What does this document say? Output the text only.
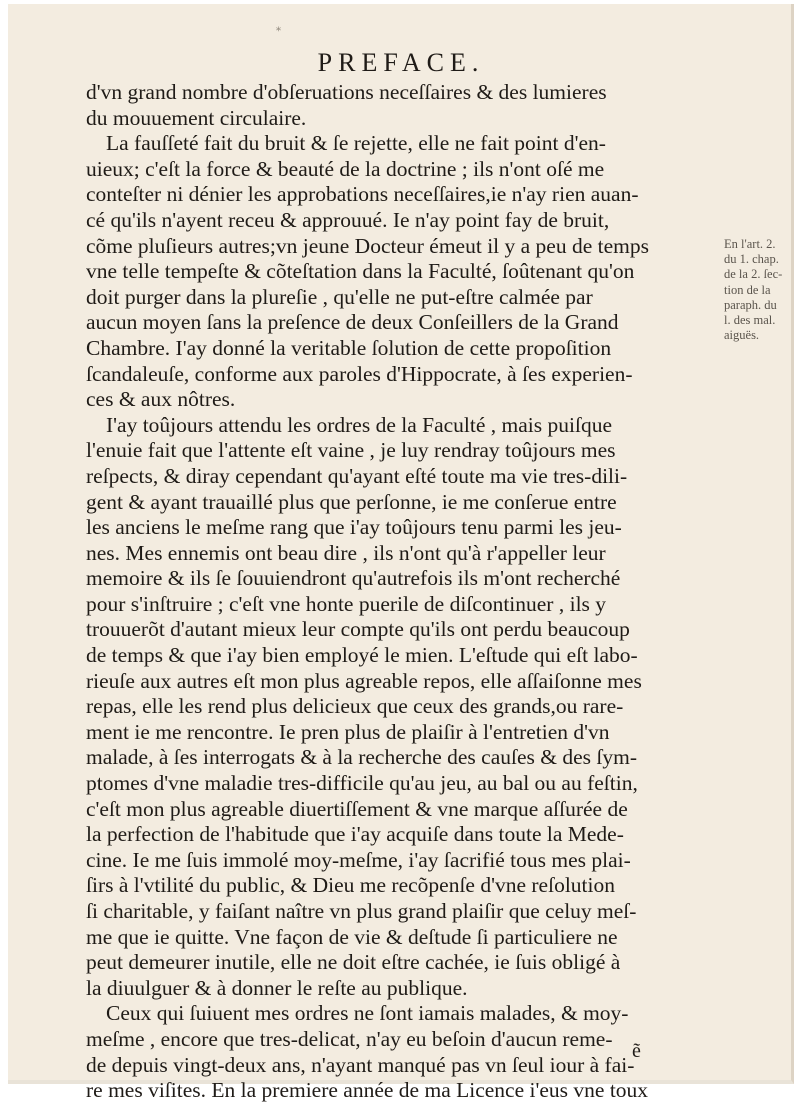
*
PREFACE.
d'vn grand nombre d'obſeruations neceſſaires & des lumieres
du mouuement circulaire.
La fauſſeté fait du bruit & ſe rejette, elle ne fait point d'en-
uieux; c'eſt la force & beauté de la doctrine ; ils n'ont oſé me
conteſter ni dénier les approbations neceſſaires,ie n'ay rien auan-
cé qu'ils n'ayent receu & approuué. Ie n'ay point fay de bruit,
cõme pluſieurs autres;vn jeune Docteur émeut il y a peu de temps
vne telle tempeſte & cõteſtation dans la Faculté, ſoûtenant qu'on
doit purger dans la plureſie , qu'elle ne put-eſtre calmée par
aucun moyen ſans la preſence de deux Conſeillers de la Grand
Chambre. I'ay donné la veritable ſolution de cette propoſition
ſcandaleuſe, conforme aux paroles d'Hippocrate, à ſes experien-
ces & aux nôtres.
I'ay toûjours attendu les ordres de la Faculté , mais puiſque
l'enuie fait que l'attente eſt vaine , je luy rendray toûjours mes
reſpects, & diray cependant qu'ayant eſté toute ma vie tres-dili-
gent & ayant trauaillé plus que perſonne, ie me conſerue entre
les anciens le meſme rang que i'ay toûjours tenu parmi les jeu-
nes. Mes ennemis ont beau dire , ils n'ont qu'à r'appeller leur
memoire & ils ſe ſouuiendront qu'autrefois ils m'ont recherché
pour s'inſtruire ; c'eſt vne honte puerile de diſcontinuer , ils y
trouuerõt d'autant mieux leur compte qu'ils ont perdu beaucoup
de temps & que i'ay bien employé le mien. L'eſtude qui eſt labo-
rieuſe aux autres eſt mon plus agreable repos, elle aſſaiſonne mes
repas, elle les rend plus delicieux que ceux des grands,ou rare-
ment ie me rencontre. Ie pren plus de plaiſir à l'entretien d'vn
malade, à ſes interrogats & à la recherche des cauſes & des ſym-
ptomes d'vne maladie tres-difficile qu'au jeu, au bal ou au feſtin,
c'eſt mon plus agreable diuertiſſement & vne marque aſſurée de
la perfection de l'habitude que i'ay acquiſe dans toute la Mede-
cine. Ie me ſuis immolé moy-meſme, i'ay ſacrifié tous mes plai-
ſirs à l'vtilité du public, & Dieu me recõpenſe d'vne reſolution
ſi charitable, y faiſant naître vn plus grand plaiſir que celuy meſ-
me que ie quitte. Vne façon de vie & deſtude ſi particuliere ne
peut demeurer inutile, elle ne doit eſtre cachée, ie ſuis obligé à
la diuulguer & à donner le reſte au publique.
Ceux qui ſuiuent mes ordres ne ſont iamais malades, & moy-
meſme , encore que tres-delicat, n'ay eu beſoin d'aucun reme-
de depuis vingt-deux ans, n'ayant manqué pas vn ſeul iour à fai-
re mes viſites. En la premiere année de ma Licence i'eus vne toux
En l'art. 2.
du 1. chap.
de la 2. ſec-
tion de la
paraph. du
l. des mal.
aiguës.
ẽ
